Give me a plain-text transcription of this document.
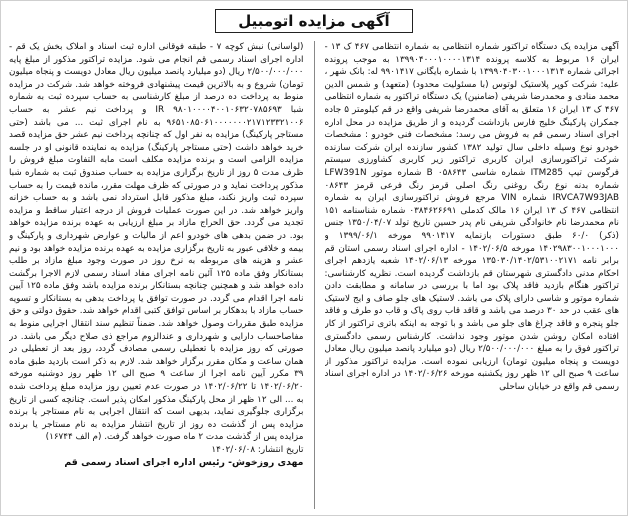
آگهی مزایده اتومبیل

آگهی مزایده یک دستگاه تراکتور شماره انتظامی به شماره انتظامی ۴۶۷ ک ۱۳ - ایران ۱۶ مربوط به کلاسه پرونده ۱۳۹۹۰۴۰۰۰۱۰۰۰۰۱۳۱۴ به موجب پرونده اجرائی شماره ۱۳۹۹۰۴۰۳۰۰۱۰۰۰۱۳۱۴ با شماره بایگانی ۹۹۰۱۴۱۷ له: بانک شهر ، علیه: شرکت کوپر پلاستیک لوتوس (با مسئولیت محدود) (متعهد) و شمس الدین محمد منادی و محمدرضا شریفی (ضامنین) یک دستگاه تراکتور به شماره انتظامی ۴۶۷ ک ۱۳ ایران ۱۶ متعلق به آقای محمدرضا شریفی واقع در قم کیلومتر ۵ جاده جمکران پارکینگ خلیج فارس بازداشت گردیده و از طریق مزایده در محل اداره اجرای اسناد رسمی قم به فروش می رسد: مشخصات فنی خودرو : مشخصات خودرو نوع وسیله داخلی سال تولید ۱۳۸۲ کشور سازنده ایران شرکت سازنده شرکت تراکتورسازی ایران کاربری تراکتور زیر کاربری کشاورزی سیستم فرگوسن تیپ ITM285 شماره شاسی ۰۵۸۶۴۳ B شماره موتور LFW391N شماره بدنه نوع رنگ روغنی رنگ اصلی قرمز رنگ فرعی قرمز ۰۸۶۴۳ IRVCA7W93JAB شماره VIN مرجع فروش تراکتورسازی ایران به شماره انتظامی ۴۶۷ ک ۱۳ ایران ۱۶ مالک کدملی ۰۳۸۴۶۲۶۶۹۱ شماره شناسنامه ۱۵۱ نام محمدرضا نام خانوادگی شریفی نام پدر حسین تاریخ تولد ۱۳۵۰/۰۴/۰۷ جنس (ذکر) ۶۰/۰ طبق دستورات بازنمایه ۹۹۰۱۴۱۷ مورخه ۱۳۹۹/۰۶/۱ و ۱۴۰۲۹۸۳۰۰۱۰۰۰۱۰۰۰ مورخه ۱۴۰۲/۰۶/۵ - اداره اجرای اسناد رسمی استان قم برابر نامه ۱۳۵۰۳۰/۱۴۰۲/۵۳۱۰۰۲۱۷۱ مورخه ۱۴۰۲/۰۶/۱۳ شعبه یازدهم اجرای احکام مدنی دادگستری شهرستان قم بازداشت گردیده است. نظریه کارشناسی: تراکتور هنگام بازدید فاقد پلاک بود اما با بررسی در سامانه و مطابقت دادن شماره موتور و شاسی دارای پلاک می باشد. لاستیک های جلو صاف و ایج لاستیک های عقب در حد ۳۰ درصد می باشد و قاقد قاب روی پاک و قاب دو طرف و فاقد جلو پنجره و فاقد چراغ های جلو می باشد و با توجه به اینکه باتری تراکتور از کار افتاده امکان روشن شدن موتور وجود نداشت. کارشناس رسمی دادگستری تراکتور فوق را به مبلغ ۲/۵۰۰/۰۰۰/۰۰۰ ریال (دو میلیارد پانصد میلیون ریال معادل دویست و پنجاه میلیون تومان) ارزیابی نموده است. مزایده تراکتور مذکور از ساعت ۹ صبح الی ۱۲ ظهر روز یکشنبه مورخه ۱۴۰۲/۰۶/۲۶ در اداره اجرای اسناد رسمی قم واقع در خیابان ساحلی

(لواسانی) نبش کوچه ۷ - طبقه فوقانی اداره ثبت اسناد و املاک بخش یک قم - اداره اجرای اسناد رسمی قم انجام می شود. مزایده تراکتور مذکور از مبلغ پایه ۲/۵۰۰/۰۰۰/۰۰۰ ریال (دو میلیارد پانصد میلیون ریال معادل دویست و پنجاه میلیون تومان) شروع و به بالاترین قیمت پیشنهادی فروخته خواهد شد. شرکت در مزایده منوط به پرداخت ده درصد از مبلغ کارشناسی به حساب سپرده ثبت به شماره شبا IR ۹۸۰۱۰۰۰۰۴۰۰۱۰۶۳۲۰۷۸۵۶۹۳ و پرداخت نیم عشر به حساب ۹۶۵۱۰۸۵۰۶۱۰۰۰۰۰۰۰۲۱۷۱۲۳۳۲۱۰۰۶ به نام اجرای ثبت ... می باشد (حتی مستاجر پارکینگ) مزایده به نفر اول که چنانچه پرداخت نیم عشر حق مزایده قصد خرید خواهد داشت (حتی مستاجر پارکینگ) مزایده به نماینده قانونی او در جلسه مزایده الزامی است و برنده مزایده مکلف است مابه التفاوت مبلغ فروش را ظرف مدت ۵ روز از تاریخ برگزاری مزایده به حساب صندوق ثبت به شماره شبا مذکور پرداخت نماید و در صورتی که ظرف مهلت مقرر، مانده قیمت را به حساب سپرده ثبت واریز نکند، مبلغ مذکور قابل استرداد نمی باشد و به حساب خزانه واریز خواهد شد. در این صورت عملیات فروش از درجه اعتبار ساقط و مزایده تجدید می گردد. حق الحراج مازاد بر مبلغ ارزیابی به عهده برنده مزایده خواهد بود. در ضمن بدهی های خودرو اعم از مالیات و عوارض شهرداری و پارکینگ و بیمه و خلافی عبور به تاریخ برگزاری مزایده به عهده برنده مزایده خواهد بود و نیم عشر و هزینه های مربوطه به نرخ روز در صورت وجود مبلغ مازاد بر طلب بستانکار وفق ماده ۱۲۵ آئین نامه اجرای مفاد اسناد رسمی لازم الاجرا برگشت داده خواهد شد و همچنین چنانچه بستانکار برنده مزایده باشد وفق ماده ۱۲۵ آیین نامه اجرا اقدام می گردد. در صورت توافق یا پرداخت بدهی به بستانکار و تسویه حساب مازاد با بدهکار بر اساس توافق کتبی اقدام خواهد شد. حقوق دولتی و حق مزایده طبق مقررات وصول خواهد شد. ضمناً تنظیم سند انتقال اجرایی منوط به مفاصاحساب دارایی و شهرداری و عندالزوم مراجع ذی صلاح دیگر می باشد. در صورتی که روز مزایده با تعطیلی رسمی مصادف گردد، روز بعد از تعطیلی در همان ساعت و مکان مقرر برگزار خواهد شد. لازم به ذکر است بازدید طبق ماده ۳۹ مکرر آیین نامه اجرا از ساعت ۹ صبح الی ۱۲ ظهر روز دوشنبه مورخه ۱۴۰۲/۰۶/۲۰ تا ۱۴۰۲/۰۶/۲۲ در صورت عدم تعیین روز مزایده مبلغ پرداخت شده به ... الی ۱۲ ظهر از محل پارکینگ مذکور امکان پذیر است. چنانچه کسی از تاریخ برگزاری جلوگیری نماید، بدیهی است که انتقال اجرایی به نام مستاجر یا برنده مزایده پس از گذشت ده روز از تاریخ انتشار مزایده به نام مستاجر یا برنده مزایده پس از گذشت مدت ۲ ماه صورت خواهد گرفت. (م الف ۱۶۷۴۴)

تاریخ انتشار: ۱۴۰۲/۰۶/۰۸

مهدی روزخوش- رئیس اداره اجرای اسناد رسمی قم
